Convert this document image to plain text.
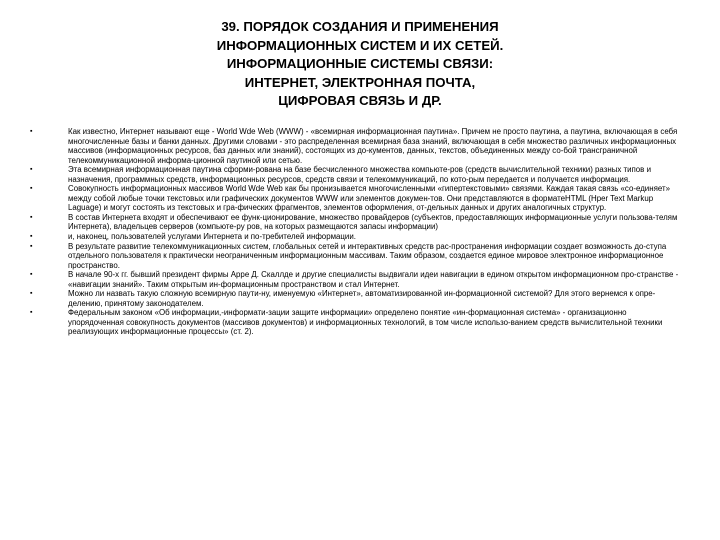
39. ПОРЯДОК СОЗДАНИЯ И ПРИМЕНЕНИЯ
ИНФОРМАЦИОННЫХ СИСТЕМ И ИХ СЕТЕЙ.
ИНФОРМАЦИОННЫЕ СИСТЕМЫ СВЯЗИ:
ИНТЕРНЕТ, ЭЛЕКТРОННАЯ ПОЧТА,
ЦИФРОВАЯ СВЯЗЬ И ДР.
▪	Как известно, Интернет называют еще - World Wde Web (WWW) - «всемирная информационная паутина». Причем не просто паутина, а паутина, включающая в себя многочисленные базы и банки данных. Другими словами - это распределенная всемирная база знаний, включающая в себя множество различных информационных массивов (информационных ресурсов, баз данных или знаний), состоящих из до-кументов, данных, текстов, объединенных между со-бой трансграничной телекоммуникационной информа-ционной паутиной или сетью.
▪	Эта всемирная информационная паутина сформи-рована на базе бесчисленного множества компьюте-ров (средств вычислительной техники) разных типов и назначения, программных средств, информационных ресурсов, средств связи и телекоммуникаций, по кото-рым передается и получается информация.
▪	Совокупность информационных массивов World Wde Web как бы пронизывается многочисленными «гипертекстовыми» связями. Каждая такая связь «со-единяет» между собой любые точки текстовых или графических документов WWW или элементов докумен-тов. Они представляются в форматеHTML (Hper Text Markup Laguage) и могут состоять из текстовых и гра-фических фрагментов, элементов оформления, от-дельных данных и других аналогичных структур.
▪	В состав Интернета входят и обеспечивают ее функ-ционирование, множество провайдеров (субъектов, предоставляющих информационные услуги пользова-телям Интернета), владельцев серверов (компьюте-ру ров, на которых размещаются запасы информации)
▪	и, наконец, пользователей услугами Интернета и по-требителей информации.
▪	В результате развитие телекоммуникационных систем, глобальных сетей и интерактивных средств рас-пространения информации создает возможность до-ступа отдельного пользователя к практически неограниченным информационным массивам. Таким образом, создается единое мировое электронное информационное пространство.
▪	В начале 90-х гг. бывший президент фирмы Appe Д. Скаллде и другие специалисты выдвигали идеи навигации в едином открытом информационном про-странстве - «навигации знаний». Таким открытым ин-формационным пространством и стал Интернет.
▪	Можно ли назвать такую сложную всемирную паути-ну, именуемую «Интернет», автоматизированной ин-формационной системой? Для этого вернемся к опре-делению, принятому законодателем.
▪	Федеральным законом «Об информации,-информати-зации защите информации» определено понятие «ин-формационная система» - организационно упорядоченная совокупность документов (массивов документов) и информационных технологий, в том числе использо-ванием средств вычислительной техники реализующих информационные процессы» (ст. 2).
